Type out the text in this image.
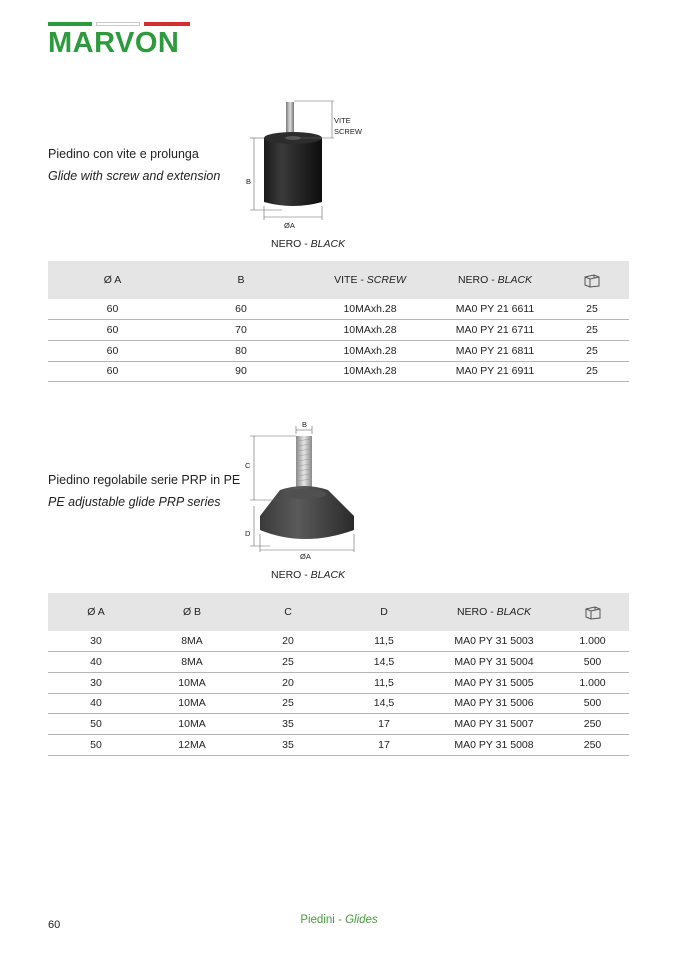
MARVON
Piedino con vite e prolunga
Glide with screw and extension
VITE
SCREW
B
ØA
NERO - BLACK
Ø A	B	VITE - SCREW	NERO - BLACK	
60	60	10MAxh.28	MA0 PY 21 6611	25
60	70	10MAxh.28	MA0 PY 21 6711	25
60	80	10MAxh.28	MA0 PY 21 6811	25
60	90	10MAxh.28	MA0 PY 21 6911	25
Piedino regolabile serie PRP in PE
PE adjustable glide PRP series
B
C
D
ØA
NERO - BLACK
Ø A	Ø B	C	D	NERO - BLACK	
30	8MA	20	11,5	MA0 PY 31 5003	1.000
40	8MA	25	14,5	MA0 PY 31 5004	500
30	10MA	20	11,5	MA0 PY 31 5005	1.000
40	10MA	25	14,5	MA0 PY 31 5006	500
50	10MA	35	17	MA0 PY 31 5007	250
50	12MA	35	17	MA0 PY 31 5008	250
60	Piedini - Glides
